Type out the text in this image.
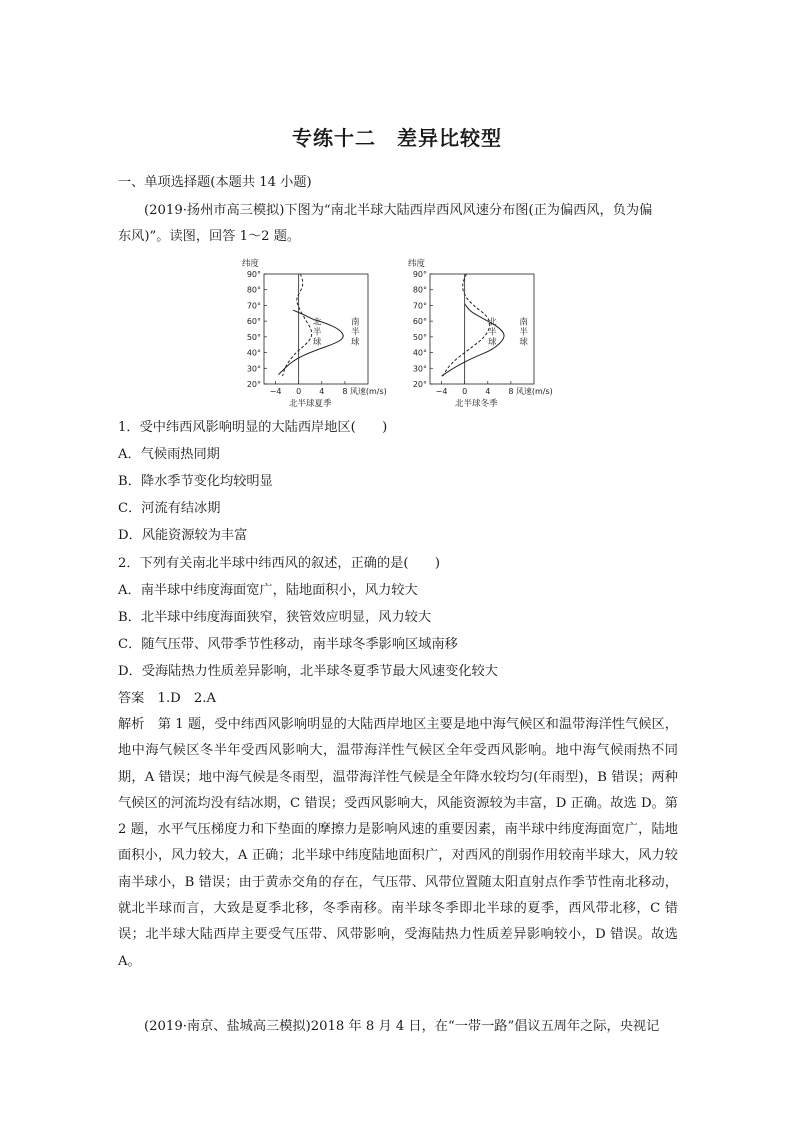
专练十二　差异比较型
一、单项选择题(本题共 14 小题)
(2019·扬州市高三模拟)下图为“南北半球大陆西岸西风风速分布图(正为偏西风，负为偏
东风)”。读图，回答 1～2 题。
纬度
90°
80°
70°
60°
50°
40°
30°
20°
−4 0 4 8 风速(m/s)
北
半
球
南
半
球
北半球夏季
纬度
90°
80°
70°
60°
50°
40°
30°
20°
−4 0 4 8 风速(m/s)
北
半
球
南
半
球
北半球冬季
1．受中纬西风影响明显的大陆西岸地区(　　)
A．气候雨热同期
B．降水季节变化均较明显
C．河流有结冰期
D．风能资源较为丰富
2．下列有关南北半球中纬西风的叙述，正确的是(　　)
A．南半球中纬度海面宽广，陆地面积小，风力较大
B．北半球中纬度海面狭窄，狭管效应明显，风力较大
C．随气压带、风带季节性移动，南半球冬季影响区域南移
D．受海陆热力性质差异影响，北半球冬夏季节最大风速变化较大
答案　1.D　2.A

解析　第 1 题，受中纬西风影响明显的大陆西岸地区主要是地中海气候区和温带海洋性气候区，地中海气候区冬半年受西风影响大，温带海洋性气候区全年受西风影响。地中海气候雨热不同期，A 错误；地中海气候是冬雨型，温带海洋性气候是全年降水较均匀(年雨型)，B 错误；两种气候区的河流均没有结冰期，C 错误；受西风影响大，风能资源较为丰富，D 正确。故选 D。第 2 题，水平气压梯度力和下垫面的摩擦力是影响风速的重要因素，南半球中纬度海面宽广，陆地面积小，风力较大，A 正确；北半球中纬度陆地面积广，对西风的削弱作用较南半球大，风力较南半球小，B 错误；由于黄赤交角的存在，气压带、风带位置随太阳直射点作季节性南北移动，就北半球而言，大致是夏季北移，冬季南移。南半球冬季即北半球的夏季，西风带北移，C 错误；北半球大陆西岸主要受气压带、风带影响，受海陆热力性质差异影响较小，D 错误。故选 A。

(2019·南京、盐城高三模拟)2018 年 8 月 4 日，在“一带一路”倡议五周年之际，央视记
